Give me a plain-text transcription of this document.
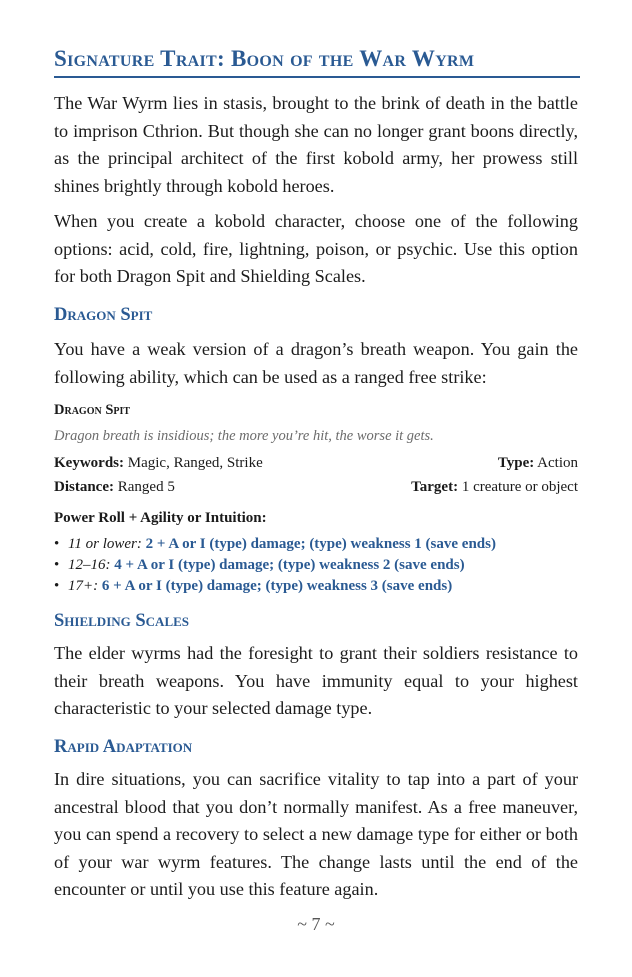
Signature Trait: Boon of the War Wyrm
The War Wyrm lies in stasis, brought to the brink of death in the battle to imprison Cthrion. But though she can no longer grant boons directly, as the principal architect of the first kobold army, her prowess still shines brightly through kobold heroes.
When you create a kobold character, choose one of the following options: acid, cold, fire, lightning, poison, or psychic. Use this option for both Dragon Spit and Shielding Scales.
Dragon Spit
You have a weak version of a dragon’s breath weapon. You gain the following ability, which can be used as a ranged free strike:
Dragon Spit
Dragon breath is insidious; the more you’re hit, the worse it gets.
Keywords: Magic, Ranged, Strike	Type: Action
Distance: Ranged 5	Target: 1 creature or object
Power Roll + Agility or Intuition:
• 11 or lower: 2 + A or I (type) damage; (type) weakness 1 (save ends)
• 12–16: 4 + A or I (type) damage; (type) weakness 2 (save ends)
• 17+: 6 + A or I (type) damage; (type) weakness 3 (save ends)
Shielding Scales
The elder wyrms had the foresight to grant their soldiers resistance to their breath weapons. You have immunity equal to your highest characteristic to your selected damage type.
Rapid Adaptation
In dire situations, you can sacrifice vitality to tap into a part of your ancestral blood that you don’t normally manifest. As a free maneuver, you can spend a recovery to select a new damage type for either or both of your war wyrm features. The change lasts until the end of the encounter or until you use this feature again.
~ 7 ~
